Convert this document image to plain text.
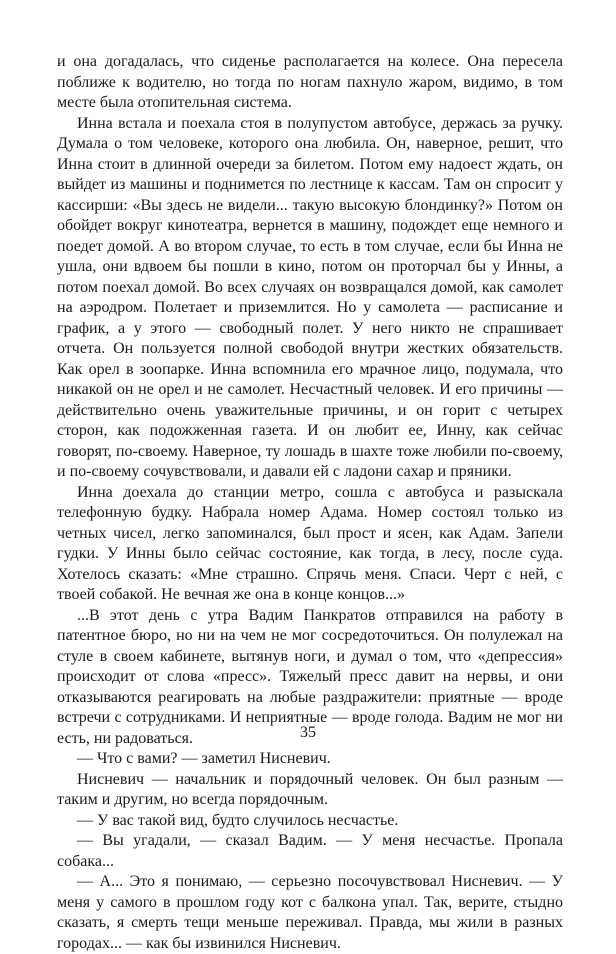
и она догадалась, что сиденье располагается на колесе. Она пересела поближе к водителю, но тогда по ногам пахнуло жаром, видимо, в том месте была отопительная система.

Инна встала и поехала стоя в полупустом автобусе, держась за ручку. Думала о том человеке, которого она любила. Он, наверное, решит, что Инна стоит в длинной очереди за билетом. Потом ему надоест ждать, он выйдет из машины и поднимется по лестнице к кассам. Там он спросит у кассирши: «Вы здесь не видели... такую высокую блондинку?» Потом он обойдет вокруг кинотеатра, вернется в машину, подождет еще немного и поедет домой. А во втором случае, то есть в том случае, если бы Инна не ушла, они вдвоем бы пошли в кино, потом он проторчал бы у Инны, а потом поехал домой. Во всех случаях он возвращался домой, как самолет на аэродром. Полетает и приземлится. Но у самолета — расписание и график, а у этого — свободный полет. У него никто не спрашивает отчета. Он пользуется полной свободой внутри жестких обязательств. Как орел в зоопарке. Инна вспомнила его мрачное лицо, подумала, что никакой он не орел и не самолет. Несчастный человек. И его причины — действительно очень уважительные причины, и он горит с четырех сторон, как подожженная газета. И он любит ее, Инну, как сейчас говорят, по-своему. Наверное, ту лошадь в шахте тоже любили по-своему, и по-своему сочувствовали, и давали ей с ладони сахар и пряники.

Инна доехала до станции метро, сошла с автобуса и разыскала телефонную будку. Набрала номер Адама. Номер состоял только из четных чисел, легко запоминался, был прост и ясен, как Адам. Запели гудки. У Инны было сейчас состояние, как тогда, в лесу, после суда. Хотелось сказать: «Мне страшно. Спрячь меня. Спаси. Черт с ней, с твоей собакой. Не вечная же она в конце концов...»

...В этот день с утра Вадим Панкратов отправился на работу в патентное бюро, но ни на чем не мог сосредоточиться. Он полулежал на стуле в своем кабинете, вытянув ноги, и думал о том, что «депрессия» происходит от слова «пресс». Тяжелый пресс давит на нервы, и они отказываются реагировать на любые раздражители: приятные — вроде встречи с сотрудниками. И неприятные — вроде голода. Вадим не мог ни есть, ни радоваться.

— Что с вами? — заметил Нисневич.

Нисневич — начальник и порядочный человек. Он был разным — таким и другим, но всегда порядочным.

— У вас такой вид, будто случилось несчастье.

— Вы угадали, — сказал Вадим. — У меня несчастье. Пропала собака...

— А... Это я понимаю, — серьезно посочувствовал Нисневич. — У меня у самого в прошлом году кот с балкона упал. Так, верите, стыдно сказать, я смерть тещи меньше переживал. Правда, мы жили в разных городах... — как бы извинился Нисневич.

35
